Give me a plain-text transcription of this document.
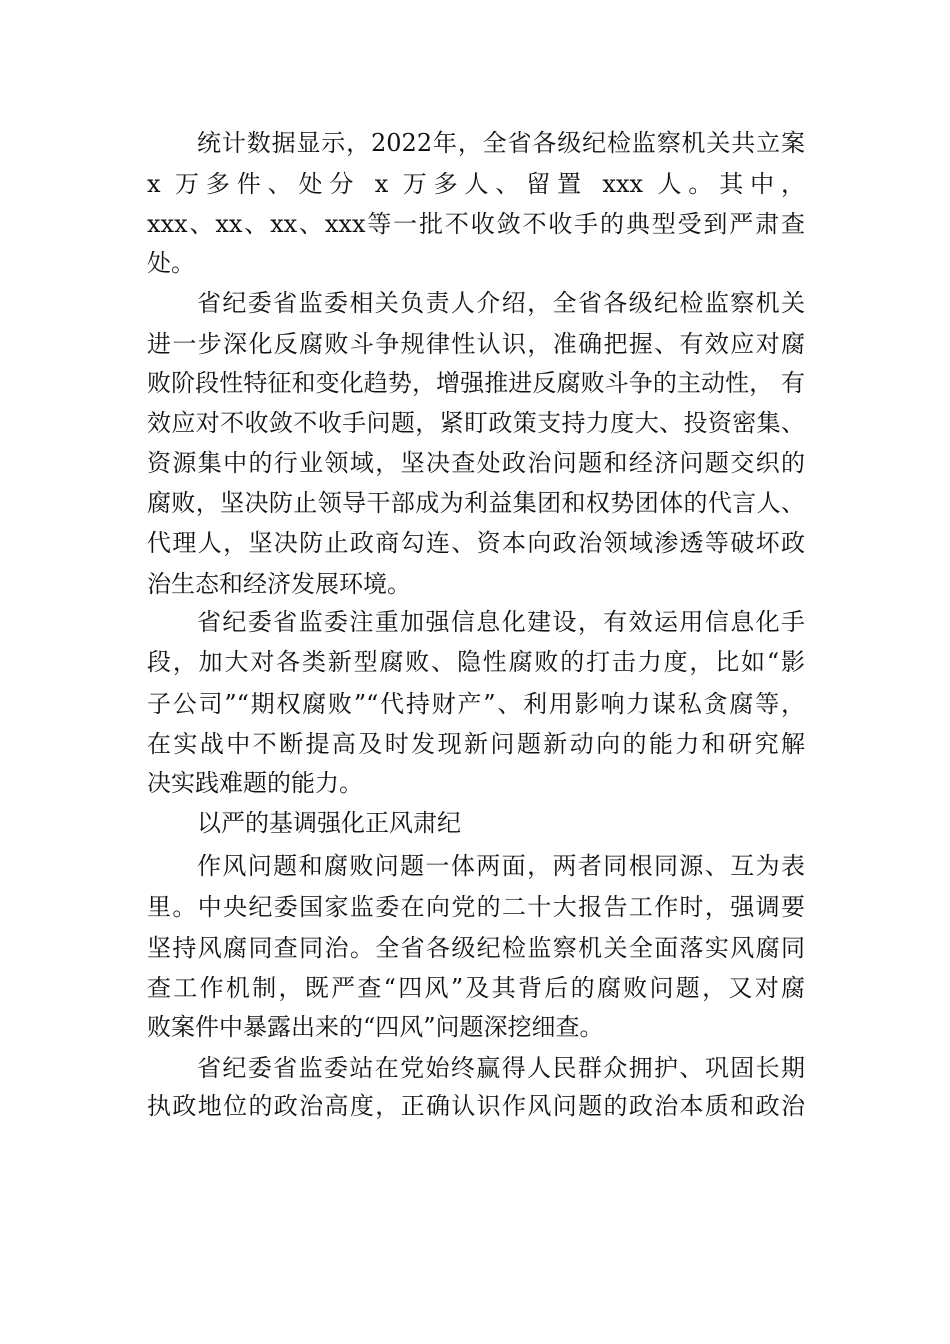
统计数据显示，2022年，全省各级纪检监察机关共立案
x 万多件、处分 x 万多人、留置 xxx 人。其中，
xxx、xx、xx、xxx等一批不收敛不收手的典型受到严肃查
处。
省纪委省监委相关负责人介绍，全省各级纪检监察机关
进一步深化反腐败斗争规律性认识，准确把握、有效应对腐
败阶段性特征和变化趋势，增强推进反腐败斗争的主动性， 有
效应对不收敛不收手问题，紧盯政策支持力度大、投资密集、
资源集中的行业领域，坚决查处政治问题和经济问题交织的
腐败，坚决防止领导干部成为利益集团和权势团体的代言人、
代理人，坚决防止政商勾连、资本向政治领域渗透等破坏政
治生态和经济发展环境。
省纪委省监委注重加强信息化建设，有效运用信息化手
段，加大对各类新型腐败、隐性腐败的打击力度，比如“影
子公司”“期权腐败”“代持财产”、利用影响力谋私贪腐等，
在实战中不断提高及时发现新问题新动向的能力和研究解
决实践难题的能力。
以严的基调强化正风肃纪
作风问题和腐败问题一体两面，两者同根同源、互为表
里。中央纪委国家监委在向党的二十大报告工作时，强调要
坚持风腐同查同治。全省各级纪检监察机关全面落实风腐同
查工作机制，既严查“四风”及其背后的腐败问题，又对腐
败案件中暴露出来的“四风”问题深挖细查。
省纪委省监委站在党始终赢得人民群众拥护、巩固长期
执政地位的政治高度，正确认识作风问题的政治本质和政治
